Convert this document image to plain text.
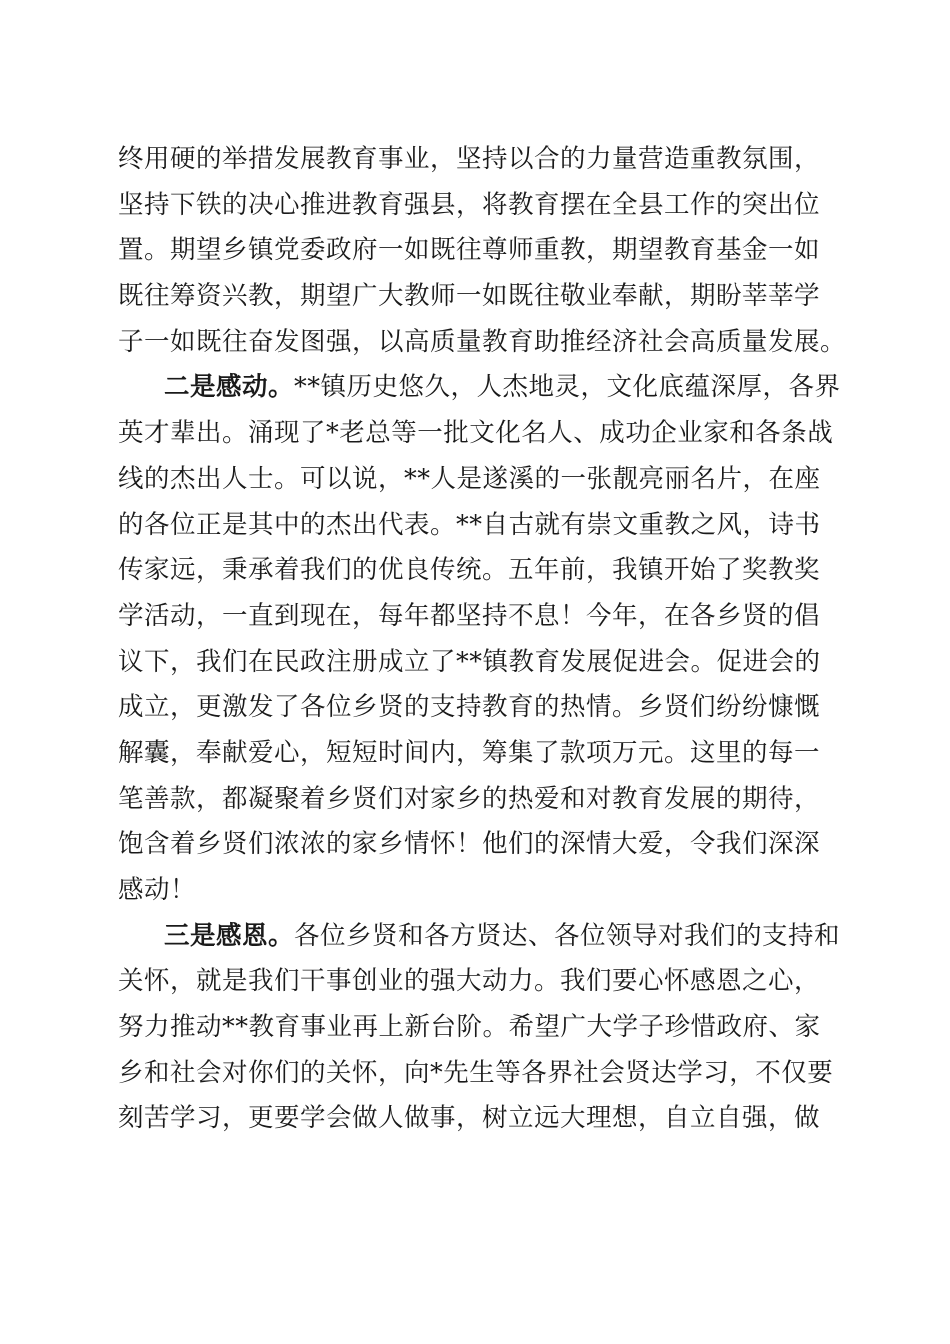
终用硬的举措发展教育事业，坚持以合的力量营造重教氛围，
坚持下铁的决心推进教育强县，将教育摆在全县工作的突出位
置。期望乡镇党委政府一如既往尊师重教，期望教育基金一如
既往筹资兴教，期望广大教师一如既往敬业奉献，期盼莘莘学
子一如既往奋发图强，以高质量教育助推经济社会高质量发展。
二是感动。**镇历史悠久，人杰地灵，文化底蕴深厚，各界
英才辈出。涌现了*老总等一批文化名人、成功企业家和各条战
线的杰出人士。可以说，**人是遂溪的一张靓亮丽名片，在座
的各位正是其中的杰出代表。**自古就有崇文重教之风，诗书
传家远，秉承着我们的优良传统。五年前，我镇开始了奖教奖
学活动，一直到现在，每年都坚持不息！今年，在各乡贤的倡
议下，我们在民政注册成立了**镇教育发展促进会。促进会的
成立，更激发了各位乡贤的支持教育的热情。乡贤们纷纷慷慨
解囊，奉献爱心，短短时间内，筹集了款项万元。这里的每一
笔善款，都凝聚着乡贤们对家乡的热爱和对教育发展的期待，
饱含着乡贤们浓浓的家乡情怀！他们的深情大爱，令我们深深
感动！
三是感恩。各位乡贤和各方贤达、各位领导对我们的支持和
关怀，就是我们干事创业的强大动力。我们要心怀感恩之心，
努力推动**教育事业再上新台阶。希望广大学子珍惜政府、家
乡和社会对你们的关怀，向*先生等各界社会贤达学习，不仅要
刻苦学习，更要学会做人做事，树立远大理想，自立自强，做
